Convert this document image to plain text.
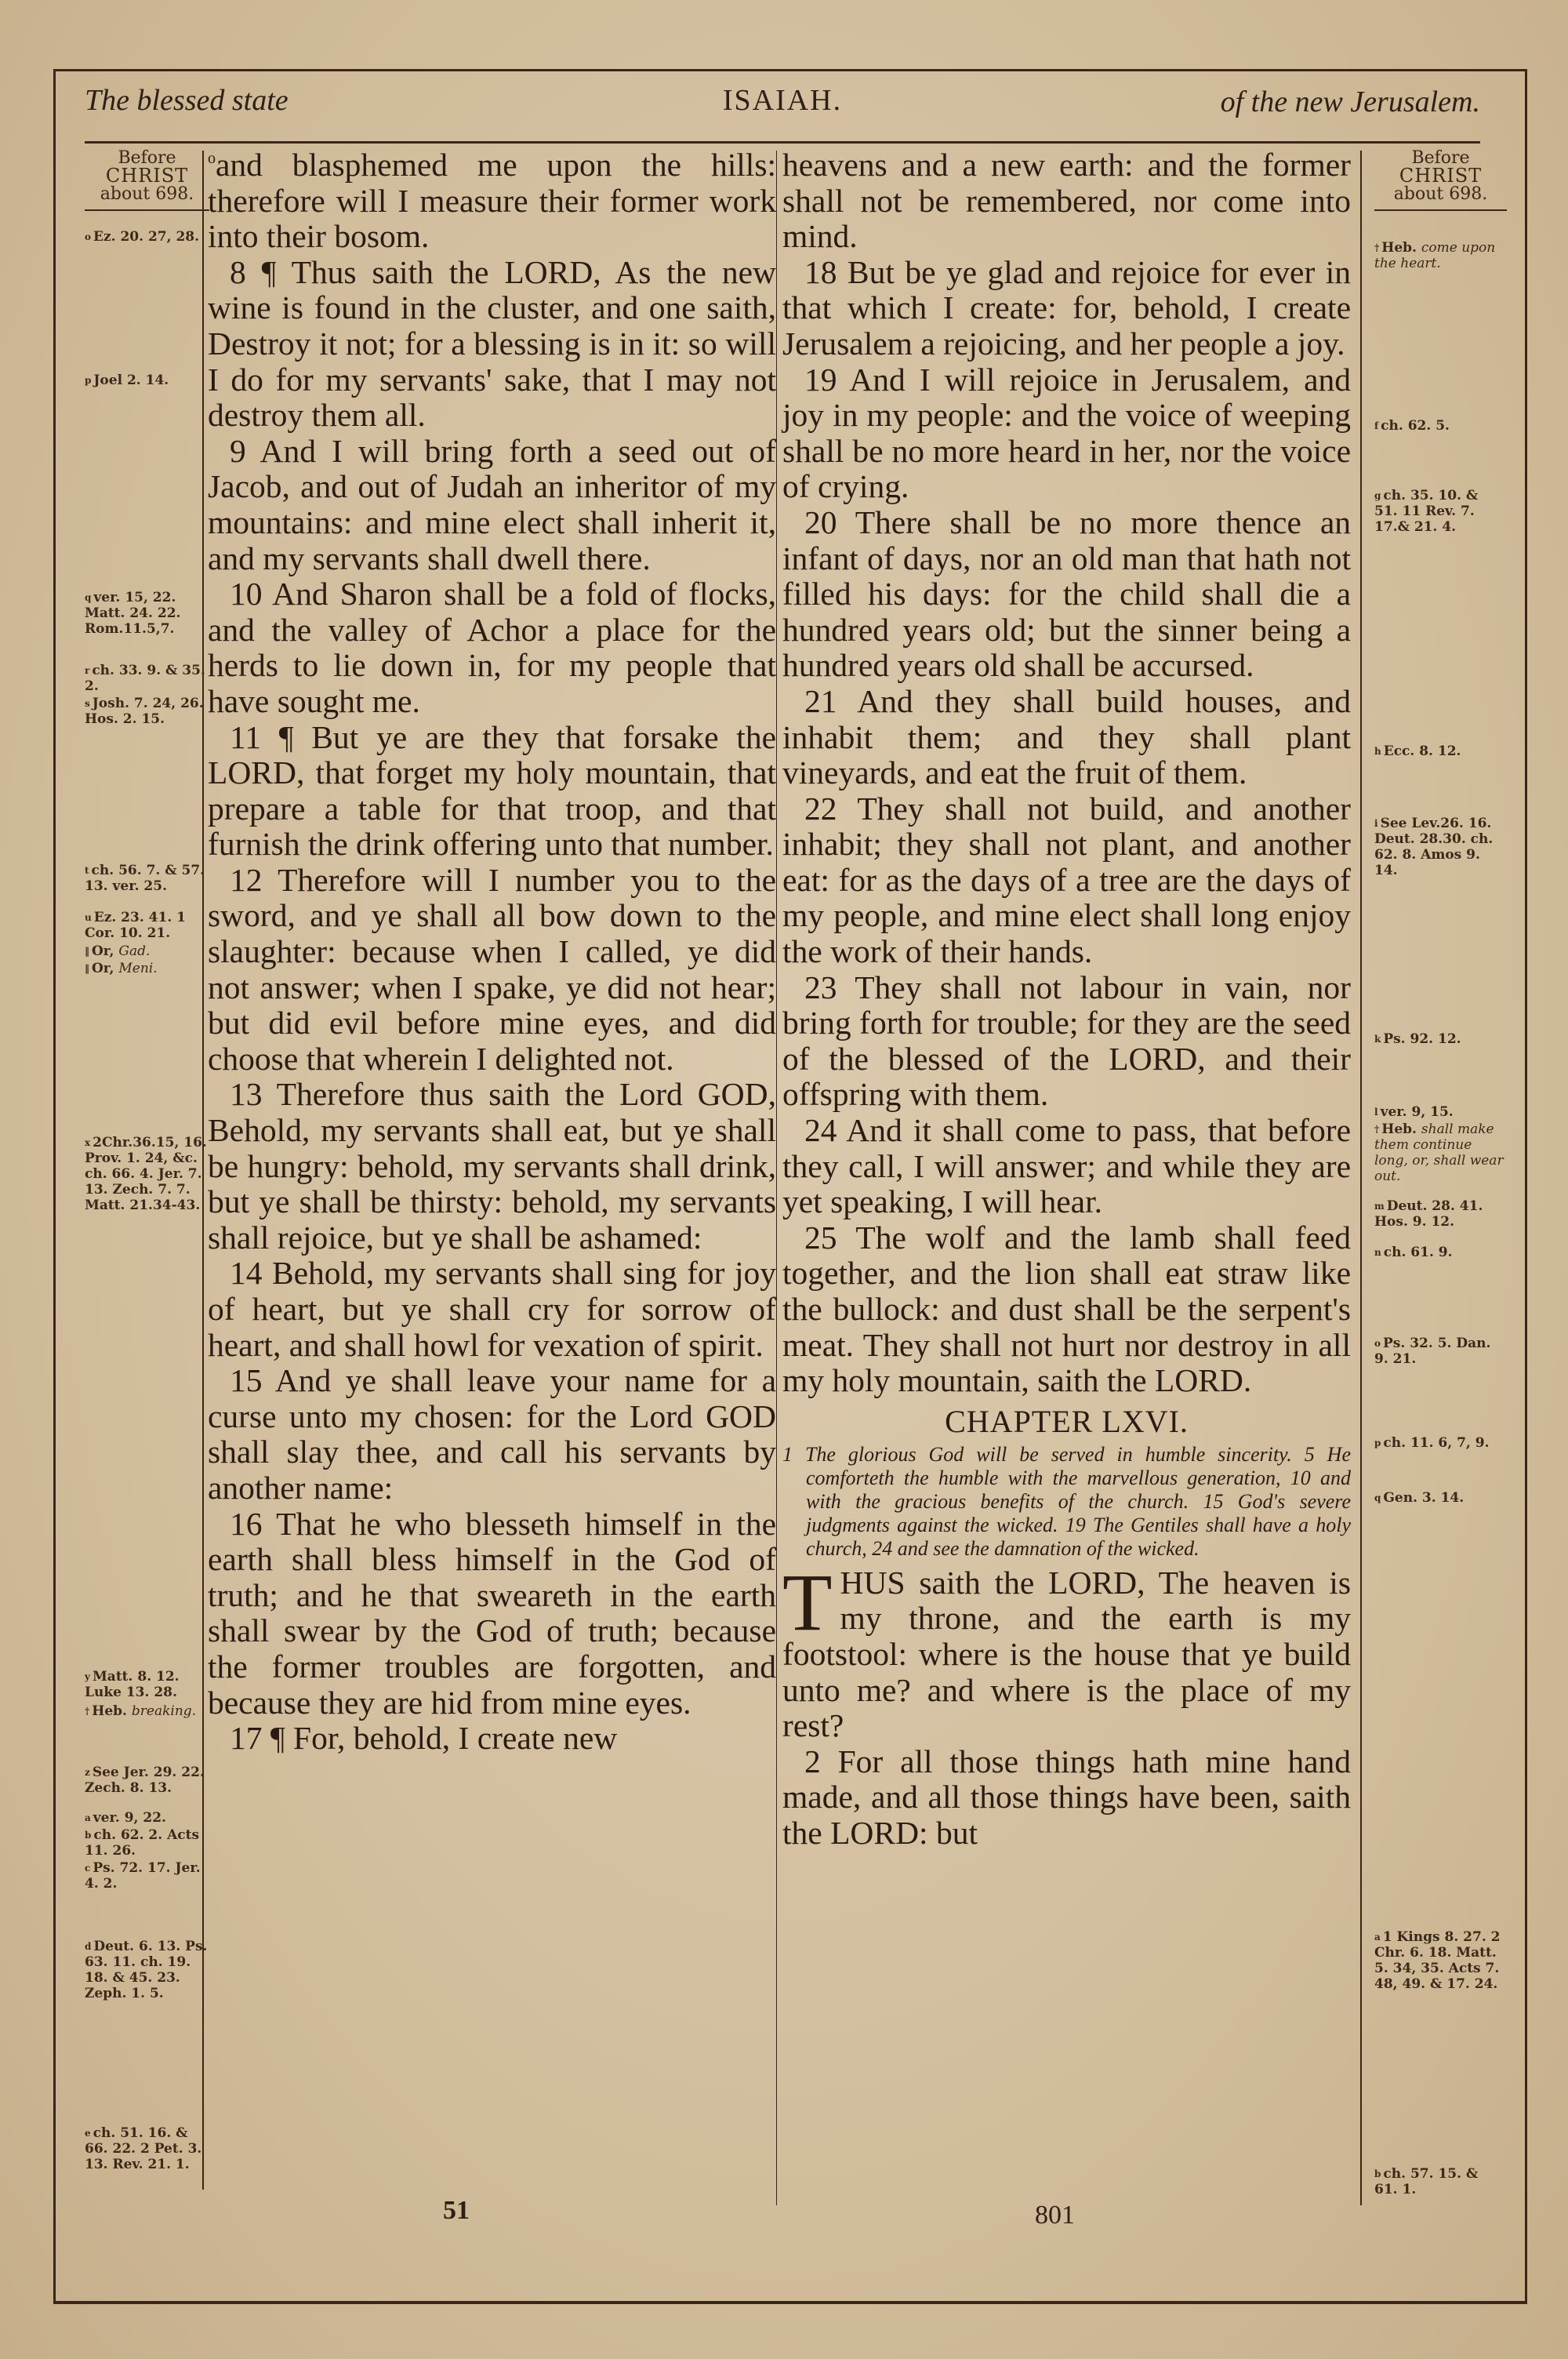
The blessed state	ISAIAH.	of the new Jerusalem.
Before
CHRIST
about 698.
$^o$ Ez. 20. 27, 28.
$^p$ Joel 2. 14.
$^q$ ver. 15, 22. Matt. 24. 22. Rom.11.5,7.
$^r$ ch. 33. 9. & 35. 2.
$^s$ Josh. 7. 24, 26. Hos. 2. 15.
$^t$ ch. 56. 7. & 57. 13. ver. 25.
$^u$ Ez. 23. 41. 1 Cor. 10. 21.
‖ Or, Gad.
‖ Or, Meni.
$^x$ 2Chr.36.15, 16. Prov. 1. 24, &c. ch. 66. 4. Jer. 7. 13. Zech. 7. 7. Matt. 21.34-43.
$^y$ Matt. 8. 12. Luke 13. 28.
† Heb. breaking.
$^z$ See Jer. 29. 22. Zech. 8. 13.
$^a$ ver. 9, 22.
$^b$ ch. 62. 2. Acts 11. 26.
$^c$ Ps. 72. 17. Jer. 4. 2.
$^d$ Deut. 6. 13. Ps. 63. 11. ch. 19. 18. & 45. 23. Zeph. 1. 5.
$^e$ ch. 51. 16. & 66. 22. 2 Pet. 3. 13. Rev. 21. 1.

$^o$and blasphemed me upon the hills: therefore will I measure their former work into their bosom.

8 ¶ Thus saith the LORD, As the new wine is found in the cluster, and one saith, Destroy it not; for a blessing is in it: so will I do for my servants' sake, that I may not destroy them all.

9 And I will bring forth a seed out of Jacob, and out of Judah an inheritor of my mountains: and mine elect shall inherit it, and my servants shall dwell there.

10 And Sharon shall be a fold of flocks, and the valley of Achor a place for the herds to lie down in, for my people that have sought me.

11 ¶ But ye are they that forsake the LORD, that forget my holy mountain, that prepare a table for that troop, and that furnish the drink offering unto that number.

12 Therefore will I number you to the sword, and ye shall all bow down to the slaughter: because when I called, ye did not answer; when I spake, ye did not hear; but did evil before mine eyes, and did choose that wherein I delighted not.

13 Therefore thus saith the Lord GOD, Behold, my servants shall eat, but ye shall be hungry: behold, my servants shall drink, but ye shall be thirsty: behold, my servants shall rejoice, but ye shall be ashamed:

14 Behold, my servants shall sing for joy of heart, but ye shall cry for sorrow of heart, and shall howl for vexation of spirit.

15 And ye shall leave your name for a curse unto my chosen: for the Lord GOD shall slay thee, and call his servants by another name:

16 That he who blesseth himself in the earth shall bless himself in the God of truth; and he that sweareth in the earth shall swear by the God of truth; because the former troubles are forgotten, and because they are hid from mine eyes.

17 ¶ For, behold, I create new

heavens and a new earth: and the former shall not be remembered, nor come into mind.

18 But be ye glad and rejoice for ever in that which I create: for, behold, I create Jerusalem a rejoicing, and her people a joy.

19 And I will rejoice in Jerusalem, and joy in my people: and the voice of weeping shall be no more heard in her, nor the voice of crying.

20 There shall be no more thence an infant of days, nor an old man that hath not filled his days: for the child shall die a hundred years old; but the sinner being a hundred years old shall be accursed.

21 And they shall build houses, and inhabit them; and they shall plant vineyards, and eat the fruit of them.

22 They shall not build, and another inhabit; they shall not plant, and another eat: for as the days of a tree are the days of my people, and mine elect shall long enjoy the work of their hands.

23 They shall not labour in vain, nor bring forth for trouble; for they are the seed of the blessed of the LORD, and their offspring with them.

24 And it shall come to pass, that before they call, I will answer; and while they are yet speaking, I will hear.

25 The wolf and the lamb shall feed together, and the lion shall eat straw like the bullock: and dust shall be the serpent's meat. They shall not hurt nor destroy in all my holy mountain, saith the LORD.

CHAPTER LXVI.
1 The glorious God will be served in humble sincerity. 5 He comforteth the humble with the marvellous generation, 10 and with the gracious benefits of the church. 15 God's severe judgments against the wicked. 19 The Gentiles shall have a holy church, 24 and see the damnation of the wicked.

THUS saith the LORD, The heaven is my throne, and the earth is my footstool: where is the house that ye build unto me? and where is the place of my rest?

2 For all those things hath mine hand made, and all those things have been, saith the LORD: but

Before
CHRIST
about 698.
† Heb. come upon the heart.
$^f$ ch. 62. 5.
$^g$ ch. 35. 10. & 51. 11 Rev. 7. 17.& 21. 4.
$^h$ Ecc. 8. 12.
$^i$ See Lev.26. 16. Deut. 28.30. ch. 62. 8. Amos 9. 14.
$^k$ Ps. 92. 12.
$^l$ ver. 9, 15.
† Heb. shall make them continue long, or, shall wear out.
$^m$ Deut. 28. 41. Hos. 9. 12.
$^n$ ch. 61. 9.
$^o$ Ps. 32. 5. Dan. 9. 21.
$^p$ ch. 11. 6, 7, 9.
$^q$ Gen. 3. 14.
$^a$ 1 Kings 8. 27. 2 Chr. 6. 18. Matt. 5. 34, 35. Acts 7. 48, 49. & 17. 24.
$^b$ ch. 57. 15. & 61. 1.
51	801
